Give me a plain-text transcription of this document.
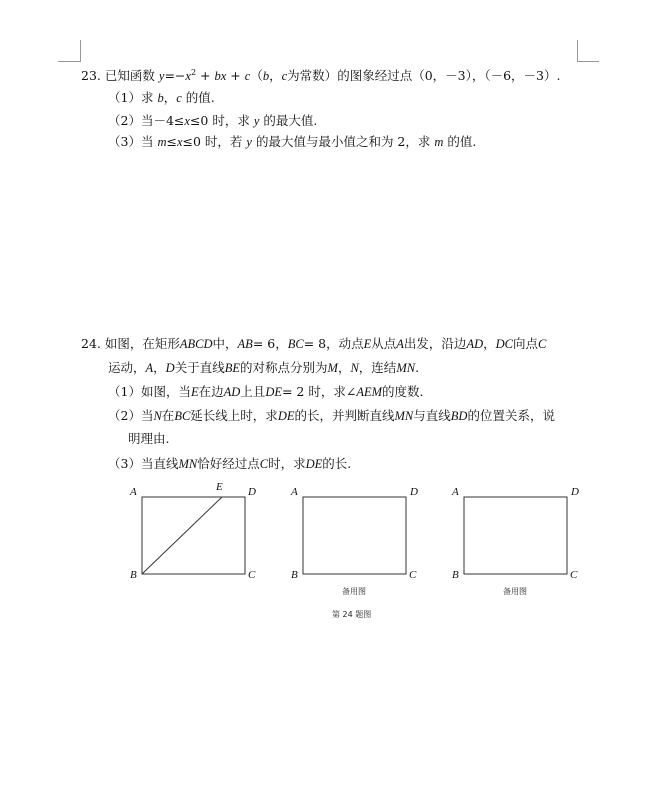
23. 已知函数 $y=-x^2$ + bx + c（b，c为常数）的图象经过点（0，－3），（－6，－3）.
（1）求 b，c 的值.
（2）当－4≤x≤0 时，求 y 的最大值.
（3）当 m≤x≤0 时，若 y 的最大值与最小值之和为 2，求 m 的值.
24. 如图，在矩形ABCD中，AB= 6，BC= 8，动点E从点A出发，沿边AD，DC向点C
运动，A，D关于直线BE的对称点分别为M，N，连结MN.
（1）如图，当E在边AD上且DE= 2 时，求∠AEM的度数.
（2）当N在BC延长线上时，求DE的长，并判断直线MN与直线BD的位置关系，说
明理由.
（3）当直线MN恰好经过点C时，求DE的长.
A	E D
B	C
A	D
B	C
备用图
A	D
B	C
备用图
第 24 题图
